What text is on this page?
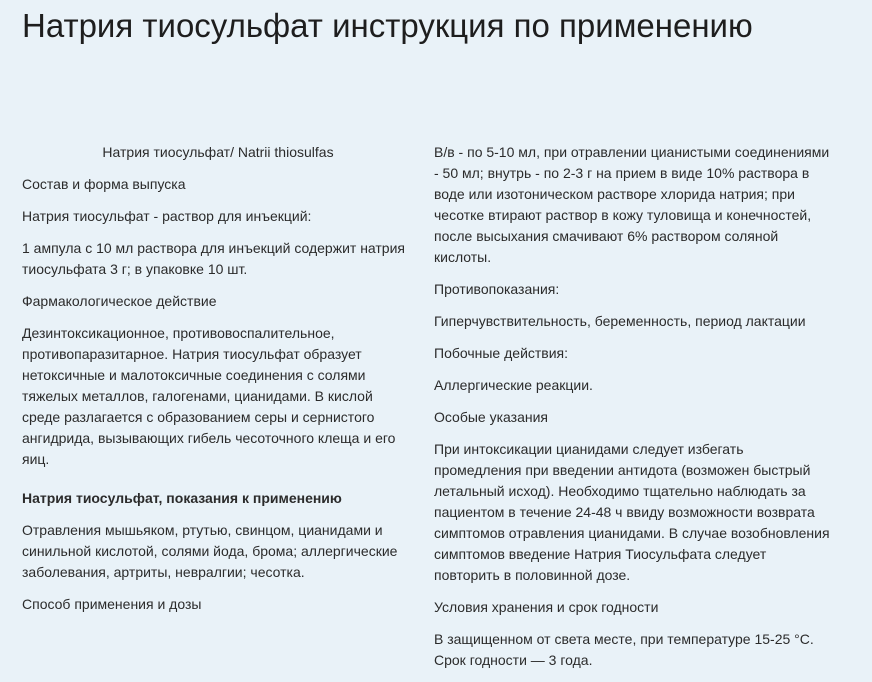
Натрия тиосульфат инструкция по применению

Натрия тиосульфат/ Natrii thiosulfas

Состав и форма выпуска

Натрия тиосульфат - раствор для инъекций:

1 ампула с 10 мл раствора для инъекций содержит натрия тиосульфата 3 г; в упаковке 10 шт.

Фармакологическое действие

Дезинтоксикационное, противовоспалительное, противопаразитарное. Натрия тиосульфат образует нетоксичные и малотоксичные соединения с солями тяжелых металлов, галогенами, цианидами. В кислой среде разлагается с образованием серы и сернистого ангидрида, вызывающих гибель чесоточного клеща и его яиц.

Натрия тиосульфат, показания к применению

Отравления мышьяком, ртутью, свинцом, цианидами и синильной кислотой, солями йода, брома; аллергические заболевания, артриты, невралгии; чесотка.

Способ применения и дозы

В/в - по 5-10 мл, при отравлении цианистыми соединениями - 50 мл; внутрь - по 2-3 г на прием в виде 10% раствора в воде или изотоническом растворе хлорида натрия; при чесотке втирают раствор в кожу туловища и конечностей, после высыхания смачивают 6% раствором соляной кислоты.

Противопоказания:

Гиперчувствительность, беременность, период лактации

Побочные действия:

Аллергические реакции.

Особые указания

При интоксикации цианидами следует избегать промедления при введении антидота (возможен быстрый летальный исход). Необходимо тщательно наблюдать за пациентом в течение 24-48 ч ввиду возможности возврата симптомов отравления цианидами. В случае возобновления симптомов введение Натрия Тиосульфата следует повторить в половинной дозе.

Условия хранения и срок годности

В защищенном от света месте, при температуре 15-25 °С. Срок годности — 3 года.
